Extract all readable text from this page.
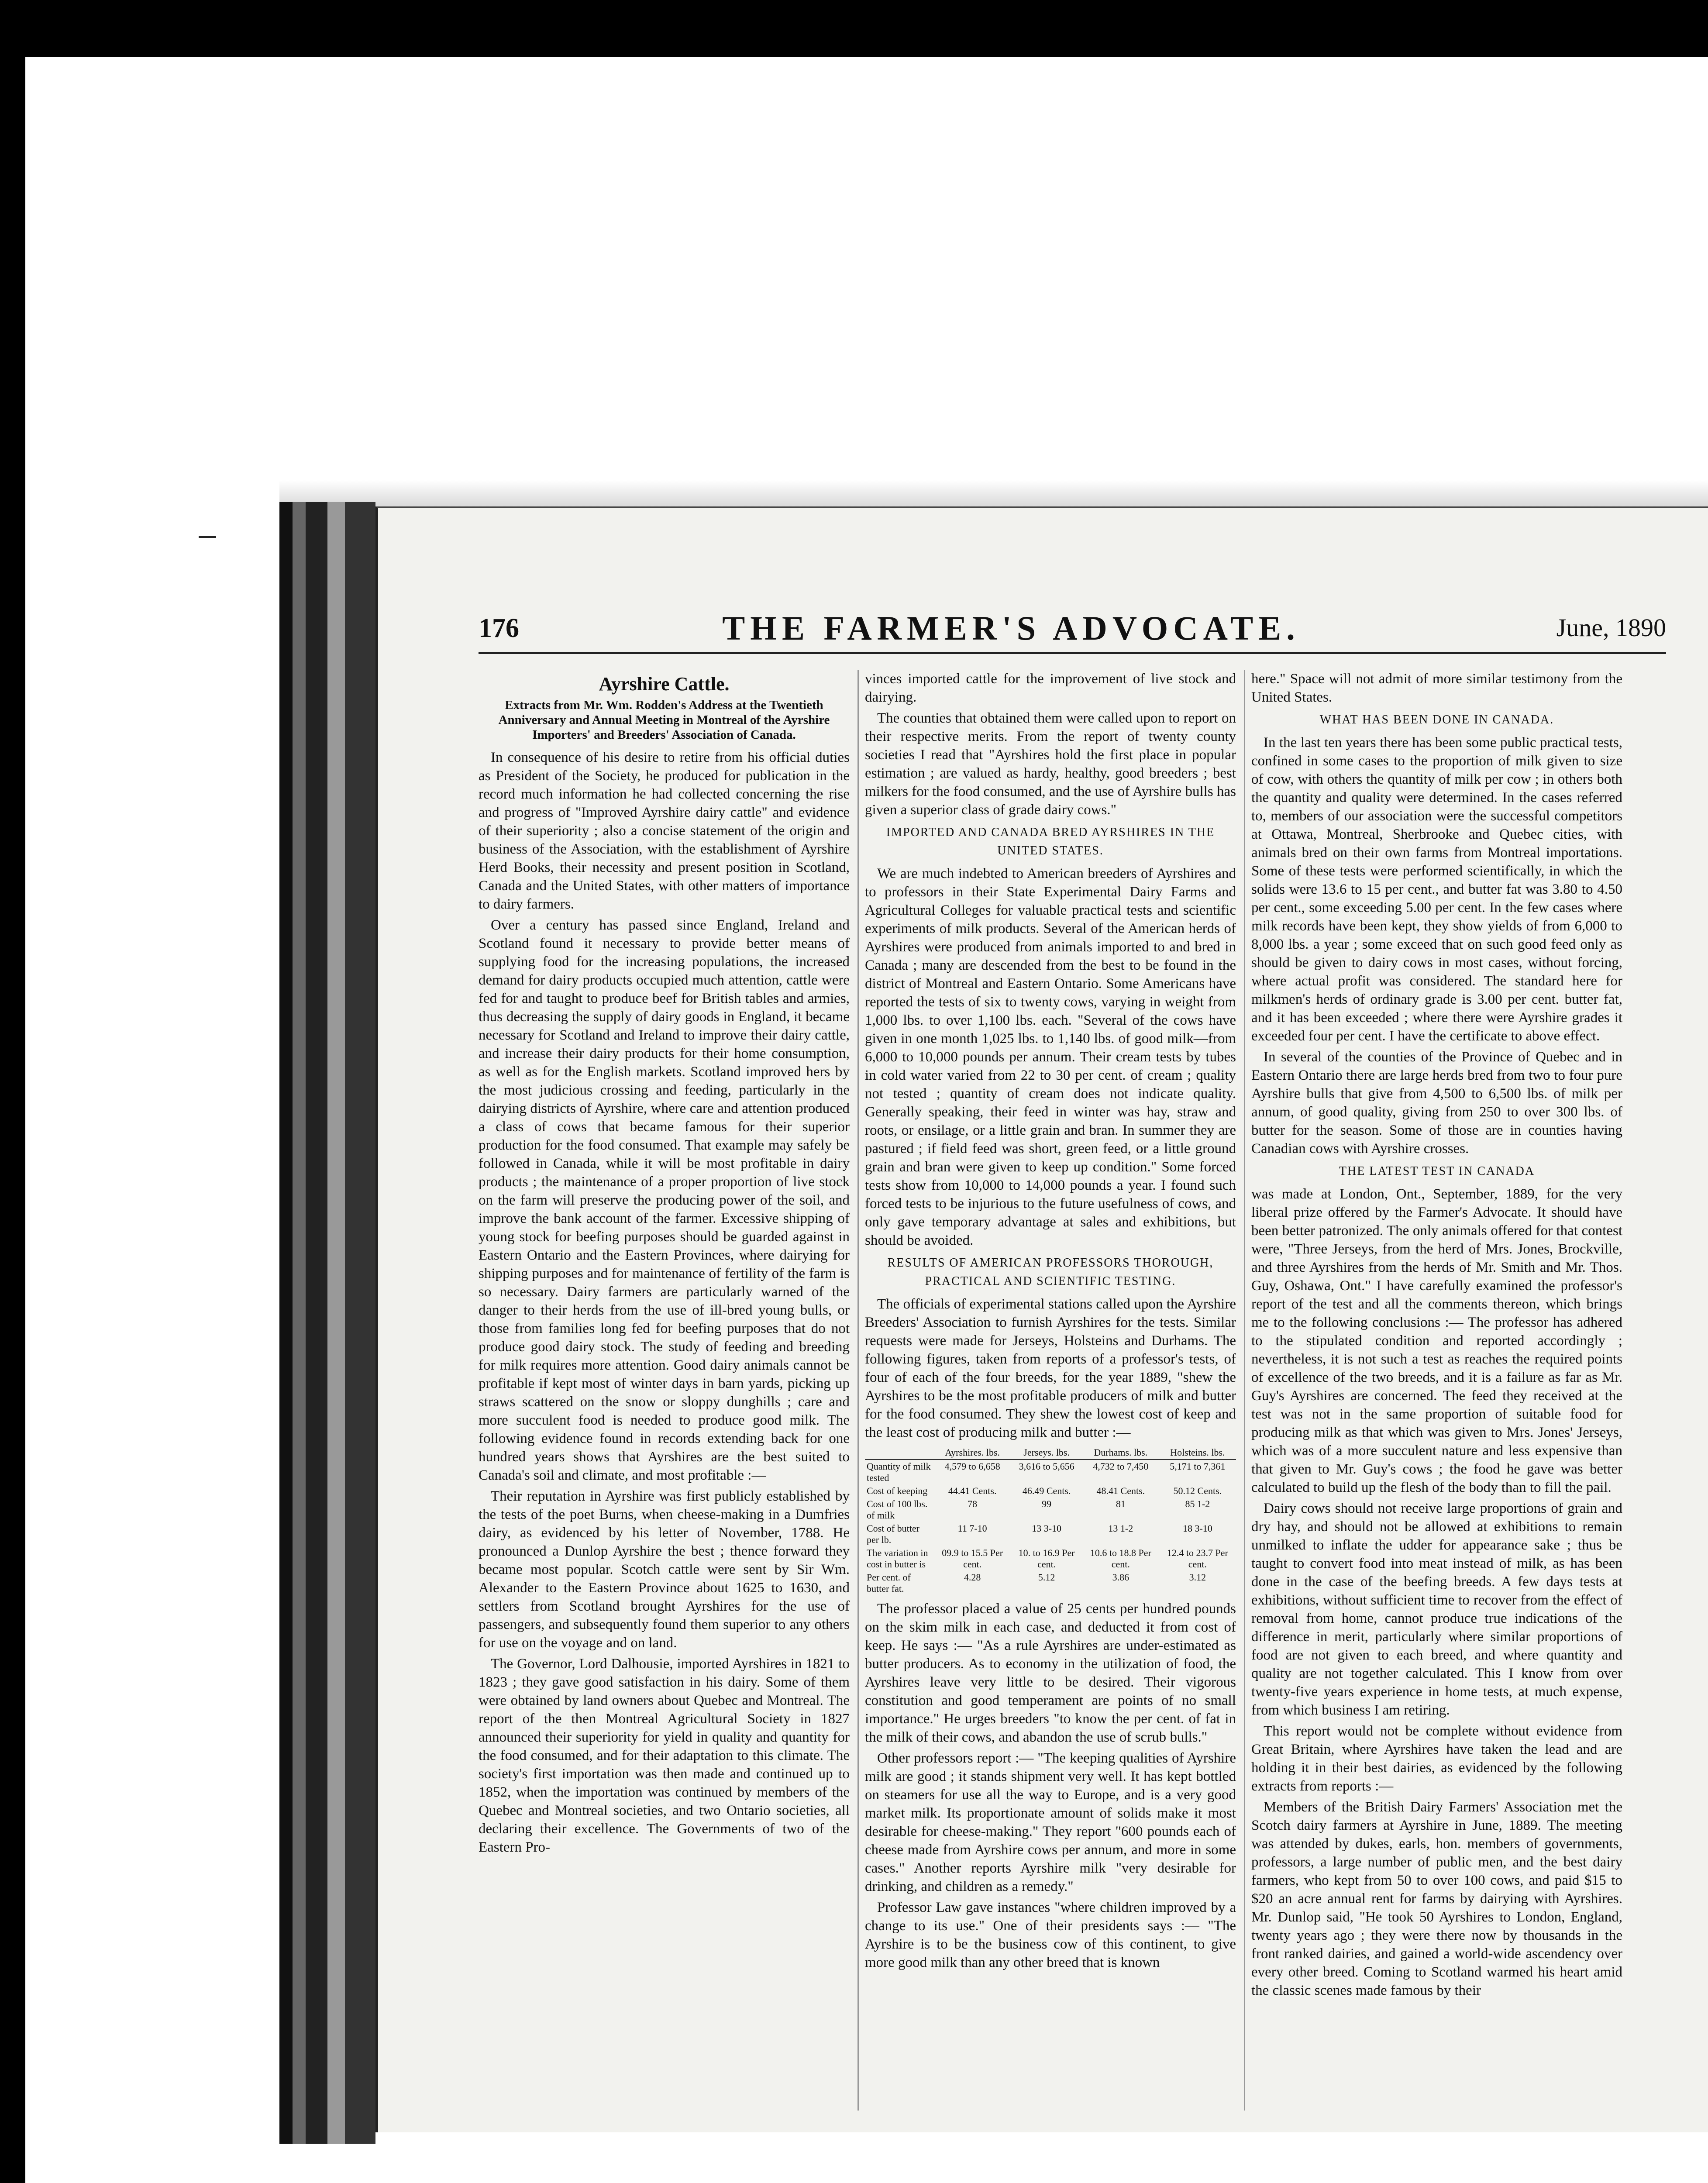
176	THE FARMER'S ADVOCATE.	June, 1890
Ayrshire Cattle.
Extracts from Mr. Wm. Rodden's Address at the Twentieth Anniversary and Annual Meeting in Montreal of the Ayrshire Importers' and Breeders' Association of Canada.

In consequence of his desire to retire from his official duties as President of the Society, he produced for publication in the record much information he had collected concerning the rise and progress of "Improved Ayrshire dairy cattle" and evidence of their superiority ; also a concise statement of the origin and business of the Association, with the establishment of Ayrshire Herd Books, their necessity and present position in Scotland, Canada and the United States, with other matters of importance to dairy farmers.

Over a century has passed since England, Ireland and Scotland found it necessary to provide better means of supplying food for the increasing populations, the increased demand for dairy products occupied much attention, cattle were fed for and taught to produce beef for British tables and armies, thus decreasing the supply of dairy goods in England, it became necessary for Scotland and Ireland to improve their dairy cattle, and increase their dairy products for their home consumption, as well as for the English markets. Scotland improved hers by the most judicious crossing and feeding, particularly in the dairying districts of Ayrshire, where care and attention produced a class of cows that became famous for their superior production for the food consumed. That example may safely be followed in Canada, while it will be most profitable in dairy products ; the maintenance of a proper proportion of live stock on the farm will preserve the producing power of the soil, and improve the bank account of the farmer. Excessive shipping of young stock for beefing purposes should be guarded against in Eastern Ontario and the Eastern Provinces, where dairying for shipping purposes and for maintenance of fertility of the farm is so necessary. Dairy farmers are particularly warned of the danger to their herds from the use of ill-bred young bulls, or those from families long fed for beefing purposes that do not produce good dairy stock. The study of feeding and breeding for milk requires more attention. Good dairy animals cannot be profitable if kept most of winter days in barn yards, picking up straws scattered on the snow or sloppy dunghills ; care and more succulent food is needed to produce good milk. The following evidence found in records extending back for one hundred years shows that Ayrshires are the best suited to Canada's soil and climate, and most profitable :—

Their reputation in Ayrshire was first publicly established by the tests of the poet Burns, when cheese-making in a Dumfries dairy, as evidenced by his letter of November, 1788. He pronounced a Dunlop Ayrshire the best ; thence forward they became most popular. Scotch cattle were sent by Sir Wm. Alexander to the Eastern Province about 1625 to 1630, and settlers from Scotland brought Ayrshires for the use of passengers, and subsequently found them superior to any others for use on the voyage and on land.

The Governor, Lord Dalhousie, imported Ayrshires in 1821 to 1823 ; they gave good satisfaction in his dairy. Some of them were obtained by land owners about Quebec and Montreal. The report of the then Montreal Agricultural Society in 1827 announced their superiority for yield in quality and quantity for the food consumed, and for their adaptation to this climate. The society's first importation was then made and continued up to 1852, when the importation was continued by members of the Quebec and Montreal societies, and two Ontario societies, all declaring their excellence. The Governments of two of the Eastern Pro-

vinces imported cattle for the improvement of live stock and dairying.

The counties that obtained them were called upon to report on their respective merits. From the report of twenty county societies I read that "Ayrshires hold the first place in popular estimation ; are valued as hardy, healthy, good breeders ; best milkers for the food consumed, and the use of Ayrshire bulls has given a superior class of grade dairy cows."

IMPORTED AND CANADA BRED AYRSHIRES IN THE UNITED STATES.

We are much indebted to American breeders of Ayrshires and to professors in their State Experimental Dairy Farms and Agricultural Colleges for valuable practical tests and scientific experiments of milk products. Several of the American herds of Ayrshires were produced from animals imported to and bred in Canada ; many are descended from the best to be found in the district of Montreal and Eastern Ontario. Some Americans have reported the tests of six to twenty cows, varying in weight from 1,000 lbs. to over 1,100 lbs. each. "Several of the cows have given in one month 1,025 lbs. to 1,140 lbs. of good milk—from 6,000 to 10,000 pounds per annum. Their cream tests by tubes in cold water varied from 22 to 30 per cent. of cream ; quality not tested ; quantity of cream does not indicate quality. Generally speaking, their feed in winter was hay, straw and roots, or ensilage, or a little grain and bran. In summer they are pastured ; if field feed was short, green feed, or a little ground grain and bran were given to keep up condition." Some forced tests show from 10,000 to 14,000 pounds a year. I found such forced tests to be injurious to the future usefulness of cows, and only gave temporary advantage at sales and exhibitions, but should be avoided.

RESULTS OF AMERICAN PROFESSORS THOROUGH, PRACTICAL AND SCIENTIFIC TESTING.

The officials of experimental stations called upon the Ayrshire Breeders' Association to furnish Ayrshires for the tests. Similar requests were made for Jerseys, Holsteins and Durhams. The following figures, taken from reports of a professor's tests, of four of each of the four breeds, for the year 1889, "shew the Ayrshires to be the most profitable producers of milk and butter for the food consumed. They shew the lowest cost of keep and the least cost of producing milk and butter :—

	Ayrshires. lbs.	Jerseys. lbs.	Durhams. lbs.	Holsteins. lbs.
Quantity of milk tested	4,579 to 6,658	3,616 to 5,656	4,732 to 7,450	5,171 to 7,361
Cost of keeping	44.41 Cents.	46.49 Cents.	48.41 Cents.	50.12 Cents.
Cost of 100 lbs. of milk	78	99	81	85 1-2
Cost of butter per lb.	11 7-10	13 3-10	13 1-2	18 3-10
The variation in cost in butter is	09.9 to 15.5 Per cent.	10. to 16.9 Per cent.	10.6 to 18.8 Per cent.	12.4 to 23.7 Per cent.
Per cent. of butter fat.	4.28	5.12	3.86	3.12

The professor placed a value of 25 cents per hundred pounds on the skim milk in each case, and deducted it from cost of keep. He says :— "As a rule Ayrshires are under-estimated as butter producers. As to economy in the utilization of food, the Ayrshires leave very little to be desired. Their vigorous constitution and good temperament are points of no small importance." He urges breeders "to know the per cent. of fat in the milk of their cows, and abandon the use of scrub bulls."

Other professors report :— "The keeping qualities of Ayrshire milk are good ; it stands shipment very well. It has kept bottled on steamers for use all the way to Europe, and is a very good market milk. Its proportionate amount of solids make it most desirable for cheese-making." They report "600 pounds each of cheese made from Ayrshire cows per annum, and more in some cases." Another reports Ayrshire milk "very desirable for drinking, and children as a remedy."

Professor Law gave instances "where children improved by a change to its use." One of their presidents says :— "The Ayrshire is to be the business cow of this continent, to give more good milk than any other breed that is known

here." Space will not admit of more similar testimony from the United States.

WHAT HAS BEEN DONE IN CANADA.

In the last ten years there has been some public practical tests, confined in some cases to the proportion of milk given to size of cow, with others the quantity of milk per cow ; in others both the quantity and quality were determined. In the cases referred to, members of our association were the successful competitors at Ottawa, Montreal, Sherbrooke and Quebec cities, with animals bred on their own farms from Montreal importations. Some of these tests were performed scientifically, in which the solids were 13.6 to 15 per cent., and butter fat was 3.80 to 4.50 per cent., some exceeding 5.00 per cent. In the few cases where milk records have been kept, they show yields of from 6,000 to 8,000 lbs. a year ; some exceed that on such good feed only as should be given to dairy cows in most cases, without forcing, where actual profit was considered. The standard here for milkmen's herds of ordinary grade is 3.00 per cent. butter fat, and it has been exceeded ; where there were Ayrshire grades it exceeded four per cent. I have the certificate to above effect.

In several of the counties of the Province of Quebec and in Eastern Ontario there are large herds bred from two to four pure Ayrshire bulls that give from 4,500 to 6,500 lbs. of milk per annum, of good quality, giving from 250 to over 300 lbs. of butter for the season. Some of those are in counties having Canadian cows with Ayrshire crosses.

THE LATEST TEST IN CANADA

was made at London, Ont., September, 1889, for the very liberal prize offered by the Farmer's Advocate. It should have been better patronized. The only animals offered for that contest were, "Three Jerseys, from the herd of Mrs. Jones, Brockville, and three Ayrshires from the herds of Mr. Smith and Mr. Thos. Guy, Oshawa, Ont." I have carefully examined the professor's report of the test and all the comments thereon, which brings me to the following conclusions :— The professor has adhered to the stipulated condition and reported accordingly ; nevertheless, it is not such a test as reaches the required points of excellence of the two breeds, and it is a failure as far as Mr. Guy's Ayrshires are concerned. The feed they received at the test was not in the same proportion of suitable food for producing milk as that which was given to Mrs. Jones' Jerseys, which was of a more succulent nature and less expensive than that given to Mr. Guy's cows ; the food he gave was better calculated to build up the flesh of the body than to fill the pail.

Dairy cows should not receive large proportions of grain and dry hay, and should not be allowed at exhibitions to remain unmilked to inflate the udder for appearance sake ; thus be taught to convert food into meat instead of milk, as has been done in the case of the beefing breeds. A few days tests at exhibitions, without sufficient time to recover from the effect of removal from home, cannot produce true indications of the difference in merit, particularly where similar proportions of food are not given to each breed, and where quantity and quality are not together calculated. This I know from over twenty-five years experience in home tests, at much expense, from which business I am retiring.

This report would not be complete without evidence from Great Britain, where Ayrshires have taken the lead and are holding it in their best dairies, as evidenced by the following extracts from reports :—

Members of the British Dairy Farmers' Association met the Scotch dairy farmers at Ayrshire in June, 1889. The meeting was attended by dukes, earls, hon. members of governments, professors, a large number of public men, and the best dairy farmers, who kept from 50 to over 100 cows, and paid $15 to $20 an acre annual rent for farms by dairying with Ayrshires. Mr. Dunlop said, "He took 50 Ayrshires to London, England, twenty years ago ; they were there now by thousands in the front ranked dairies, and gained a world-wide ascendency over every other breed. Coming to Scotland warmed his heart amid the classic scenes made famous by their
